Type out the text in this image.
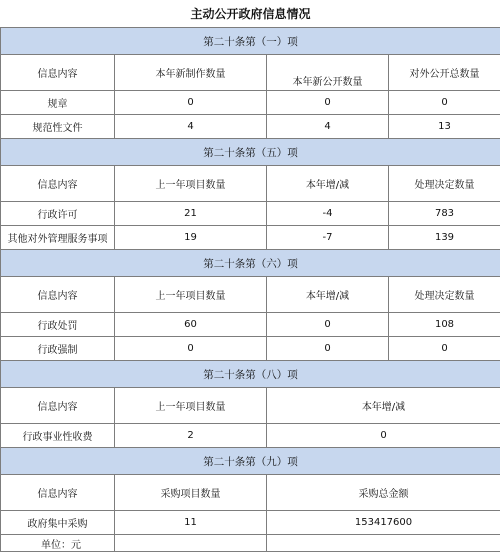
主动公开政府信息情况			
第二十条第（一）项			
信息内容	本年新制作数量	本年新公开数量	对外公开总数量
规章	0	0	0
规范性文件	4	4	13
第二十条第（五）项			
信息内容	上一年项目数量	本年增/减	处理决定数量
行政许可	21	-4	783
其他对外管理服务事项	19	-7	139
第二十条第（六）项			
信息内容	上一年项目数量	本年增/减	处理决定数量
行政处罚	60	0	108
行政强制	0	0	0
第二十条第（八）项			
信息内容	上一年项目数量	本年增/减	
行政事业性收费	2	0	
第二十条第（九）项			
信息内容	采购项目数量	采购总金额	
政府集中采购	11	153417600	
单位：元			
